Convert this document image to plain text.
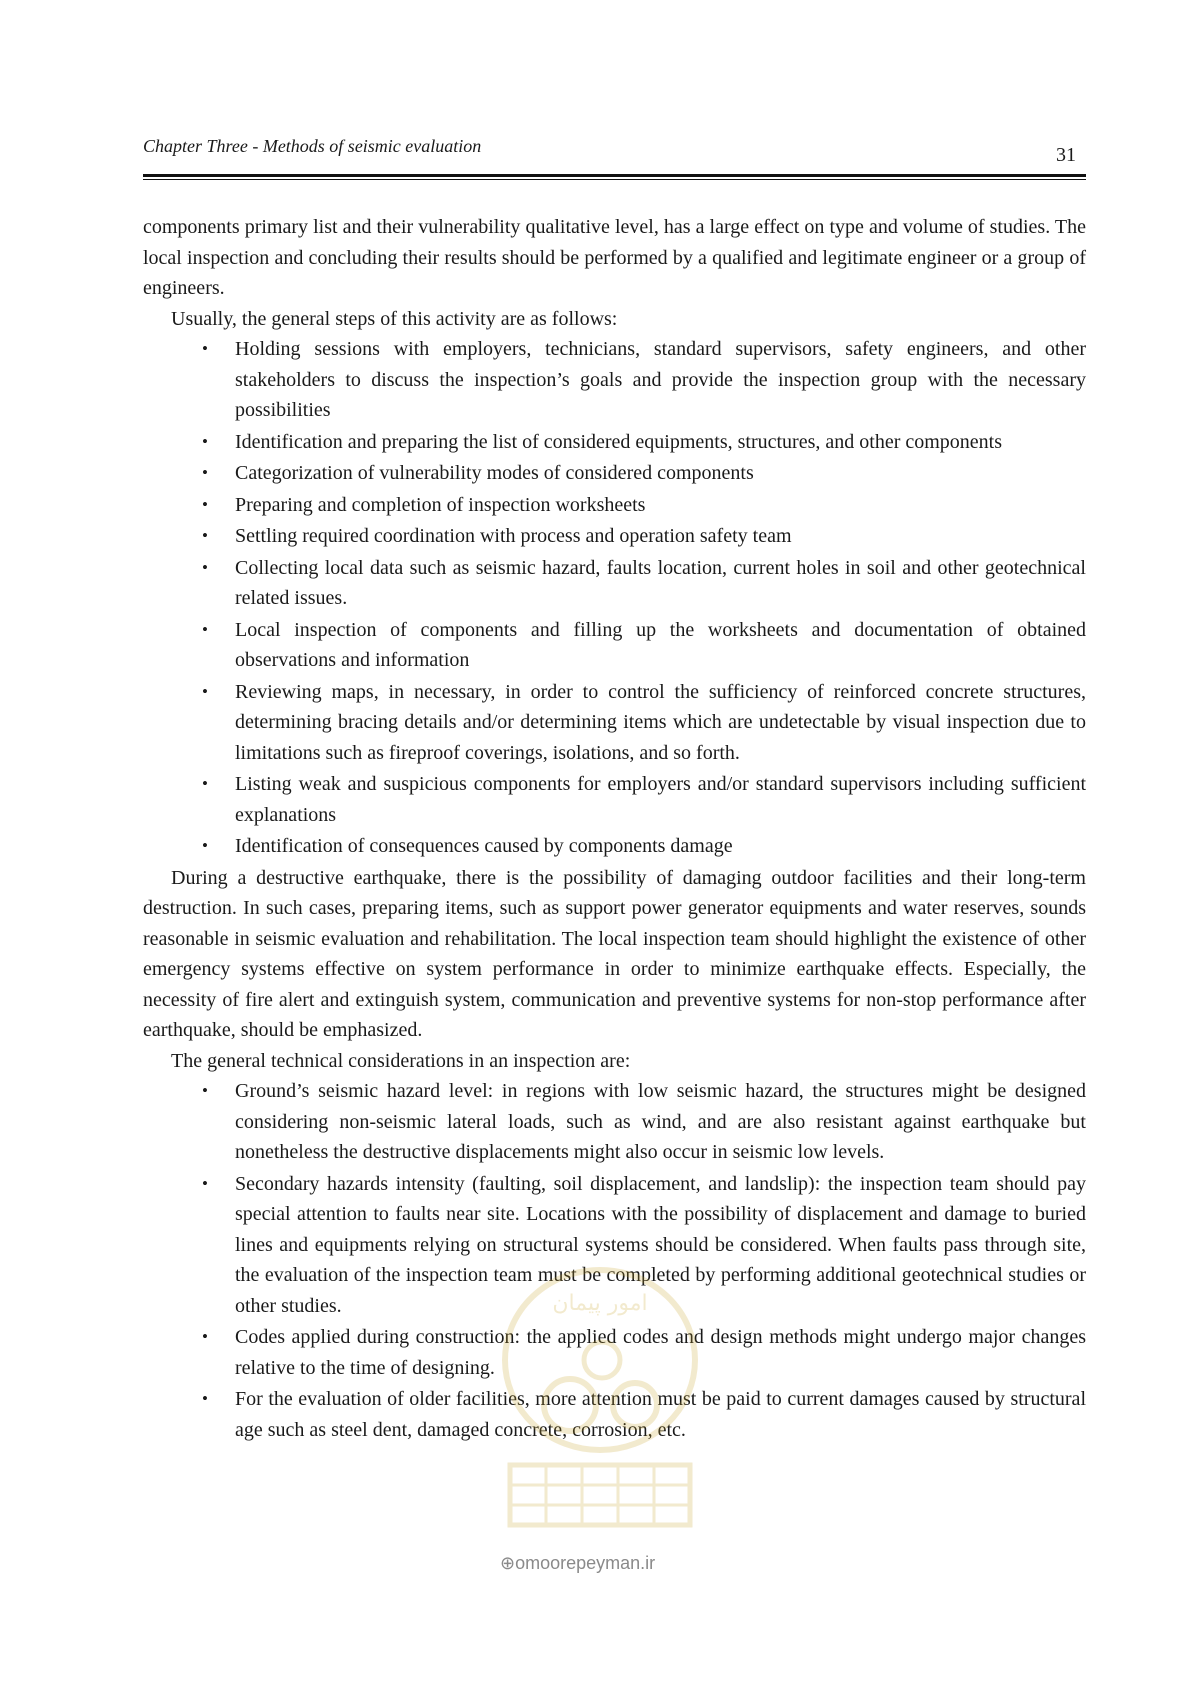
Chapter Three - Methods of seismic evaluation	31

components primary list and their vulnerability qualitative level, has a large effect on type and volume of studies. The local inspection and concluding their results should be performed by a qualified and legitimate engineer or a group of engineers.

Usually, the general steps of this activity are as follows:

• Holding sessions with employers, technicians, standard supervisors, safety engineers, and other stakeholders to discuss the inspection’s goals and provide the inspection group with the necessary possibilities
• Identification and preparing the list of considered equipments, structures, and other components
• Categorization of vulnerability modes of considered components
• Preparing and completion of inspection worksheets
• Settling required coordination with process and operation safety team
• Collecting local data such as seismic hazard, faults location, current holes in soil and other geotechnical related issues.
• Local inspection of components and filling up the worksheets and documentation of obtained observations and information
• Reviewing maps, in necessary, in order to control the sufficiency of reinforced concrete structures, determining bracing details and/or determining items which are undetectable by visual inspection due to limitations such as fireproof coverings, isolations, and so forth.
• Listing weak and suspicious components for employers and/or standard supervisors including sufficient explanations
• Identification of consequences caused by components damage

During a destructive earthquake, there is the possibility of damaging outdoor facilities and their long-term destruction. In such cases, preparing items, such as support power generator equipments and water reserves, sounds reasonable in seismic evaluation and rehabilitation. The local inspection team should highlight the existence of other emergency systems effective on system performance in order to minimize earthquake effects. Especially, the necessity of fire alert and extinguish system, communication and preventive systems for non-stop performance after earthquake, should be emphasized.

The general technical considerations in an inspection are:

• Ground’s seismic hazard level: in regions with low seismic hazard, the structures might be designed considering non-seismic lateral loads, such as wind, and are also resistant against earthquake but nonetheless the destructive displacements might also occur in seismic low levels.
• Secondary hazards intensity (faulting, soil displacement, and landslip): the inspection team should pay special attention to faults near site. Locations with the possibility of displacement and damage to buried lines and equipments relying on structural systems should be considered. When faults pass through site, the evaluation of the inspection team must be completed by performing additional geotechnical studies or other studies.
• Codes applied during construction: the applied codes and design methods might undergo major changes relative to the time of designing.
• For the evaluation of older facilities, more attention must be paid to current damages caused by structural age such as steel dent, damaged concrete, corrosion, etc.
امور پیمان
⊕omoorepeyman.ir
